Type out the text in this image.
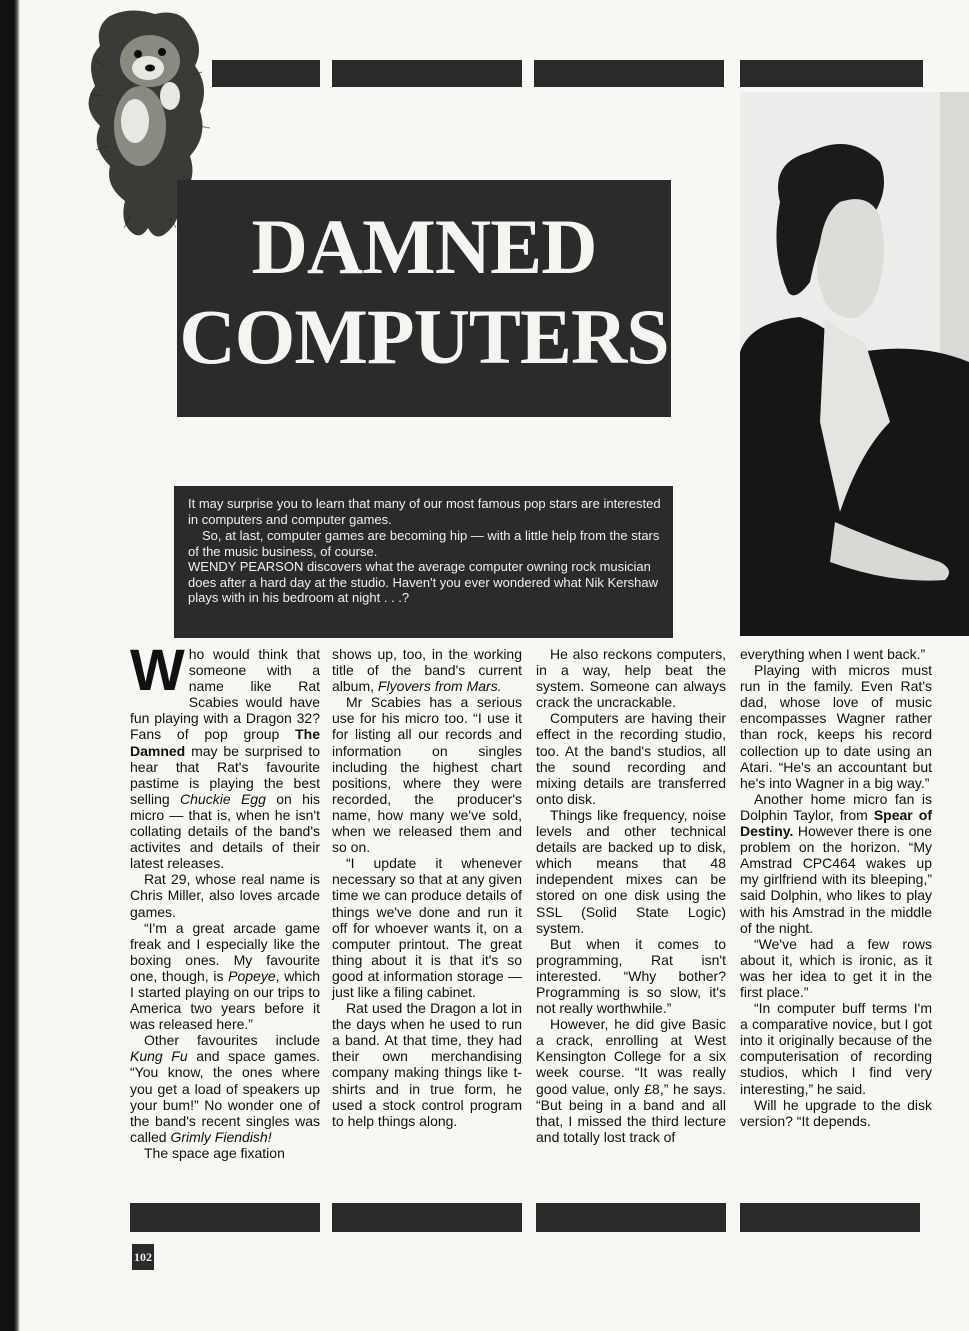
DAMNED
COMPUTERS

It may surprise you to learn that many of our most famous pop stars are interested in computers and computer games.

So, at last, computer games are becoming hip — with a little help from the stars of the music business, of course.

WENDY PEARSON discovers what the average computer owning rock musician does after a hard day at the studio. Haven't you ever wondered what Nik Kershaw plays with in his bedroom at night . . .?

Who would think that someone with a name like Rat Scabies would have fun playing with a Dragon 32? Fans of pop group The Damned may be surprised to hear that Rat's favourite pastime is playing the best selling Chuckie Egg on his micro — that is, when he isn't collating details of the band's activites and details of their latest releases.

Rat 29, whose real name is Chris Miller, also loves arcade games.

“I'm a great arcade game freak and I especially like the boxing ones. My favourite one, though, is Popeye, which I started playing on our trips to America two years before it was released here.”

Other favourites include Kung Fu and space games. “You know, the ones where you get a load of speakers up your bum!” No wonder one of the band's recent singles was called Grimly Fiendish!

The space age fixation

shows up, too, in the working title of the band's current album, Flyovers from Mars.

Mr Scabies has a serious use for his micro too. “I use it for listing all our records and information on singles including the highest chart positions, where they were recorded, the producer's name, how many we've sold, when we released them and so on.

“I update it whenever necessary so that at any given time we can produce details of things we've done and run it off for whoever wants it, on a computer printout. The great thing about it is that it's so good at information storage — just like a filing cabinet.

Rat used the Dragon a lot in the days when he used to run a band. At that time, they had their own merchandising company making things like t-shirts and in true form, he used a stock control program to help things along.

He also reckons computers, in a way, help beat the system. Someone can always crack the uncrackable.

Computers are having their effect in the recording studio, too. At the band's studios, all the sound recording and mixing details are transferred onto disk.

Things like frequency, noise levels and other technical details are backed up to disk, which means that 48 independent mixes can be stored on one disk using the SSL (Solid State Logic) system.

But when it comes to programming, Rat isn't interested. “Why bother? Programming is so slow, it's not really worthwhile.”

However, he did give Basic a crack, enrolling at West Kensington College for a six week course. “It was really good value, only £8,” he says. “But being in a band and all that, I missed the third lecture and totally lost track of

everything when I went back.”

Playing with micros must run in the family. Even Rat's dad, whose love of music encompasses Wagner rather than rock, keeps his record collection up to date using an Atari. “He's an accountant but he's into Wagner in a big way.”

Another home micro fan is Dolphin Taylor, from Spear of Destiny. However there is one problem on the horizon. “My Amstrad CPC464 wakes up my girlfriend with its bleeping,” said Dolphin, who likes to play with his Amstrad in the middle of the night.

“We've had a few rows about it, which is ironic, as it was her idea to get it in the first place.”

“In computer buff terms I'm a comparative novice, but I got into it originally because of the computerisation of recording studios, which I find very interesting,” he said.

Will he upgrade to the disk version? “It depends.

102
